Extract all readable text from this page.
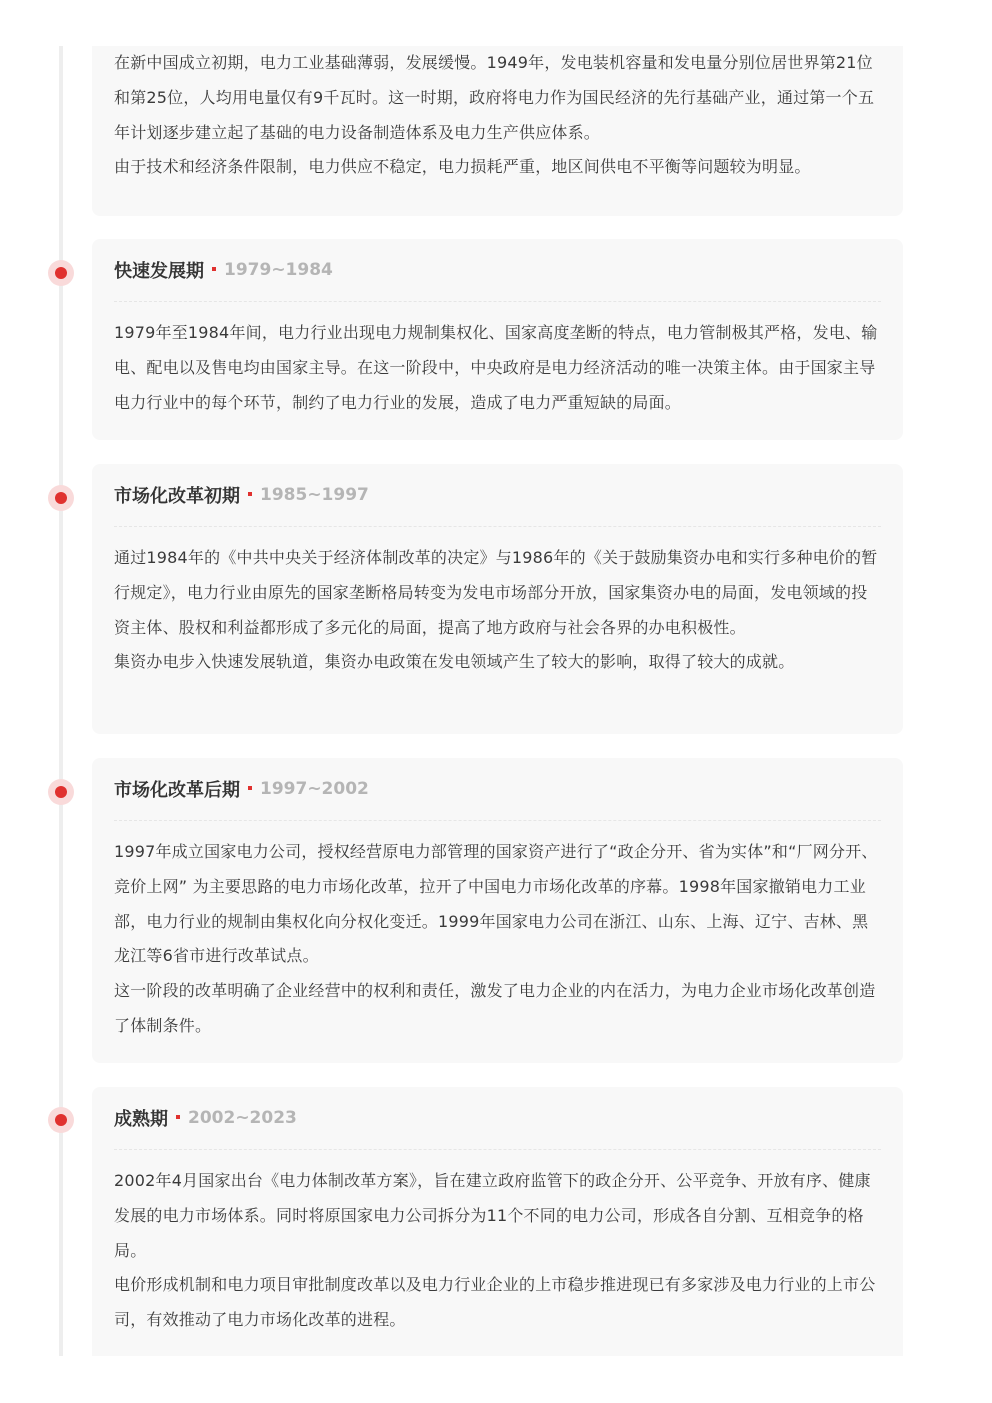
在新中国成立初期，电力工业基础薄弱，发展缓慢。1949年，发电装机容量和发电量分别位居世界第21位和第25位，人均用电量仅有9千瓦时。这一时期，政府将电力作为国民经济的先行基础产业，通过第一个五年计划逐步建立起了基础的电力设备制造体系及电力生产供应体系。

由于技术和经济条件限制，电力供应不稳定，电力损耗严重，地区间供电不平衡等问题较为明显。

快速发展期 1979~1984

1979年至1984年间，电力行业出现电力规制集权化、国家高度垄断的特点，电力管制极其严格，发电、输电、配电以及售电均由国家主导。在这一阶段中，中央政府是电力经济活动的唯一决策主体。由于国家主导电力行业中的每个环节，制约了电力行业的发展，造成了电力严重短缺的局面。

市场化改革初期 1985~1997

通过1984年的《中共中央关于经济体制改革的决定》与1986年的《关于鼓励集资办电和实行多种电价的暂行规定》，电力行业由原先的国家垄断格局转变为发电市场部分开放，国家集资办电的局面，发电领域的投资主体、股权和利益都形成了多元化的局面，提高了地方政府与社会各界的办电积极性。

集资办电步入快速发展轨道，集资办电政策在发电领域产生了较大的影响，取得了较大的成就。

市场化改革后期 1997~2002

1997年成立国家电力公司，授权经营原电力部管理的国家资产进行了“政企分开、省为实体”和“厂网分开、竞价上网” 为主要思路的电力市场化改革，拉开了中国电力市场化改革的序幕。1998年国家撤销电力工业部，电力行业的规制由集权化向分权化变迁。1999年国家电力公司在浙江、山东、上海、辽宁、吉林、黑龙江等6省市进行改革试点。

这一阶段的改革明确了企业经营中的权利和责任，激发了电力企业的内在活力，为电力企业市场化改革创造了体制条件。

成熟期 2002~2023

2002年4月国家出台《电力体制改革方案》，旨在建立政府监管下的政企分开、公平竞争、开放有序、健康发展的电力市场体系。同时将原国家电力公司拆分为11个不同的电力公司，形成各自分割、互相竞争的格局。

电价形成机制和电力项目审批制度改革以及电力行业企业的上市稳步推进现已有多家涉及电力行业的上市公司，有效推动了电力市场化改革的进程。
